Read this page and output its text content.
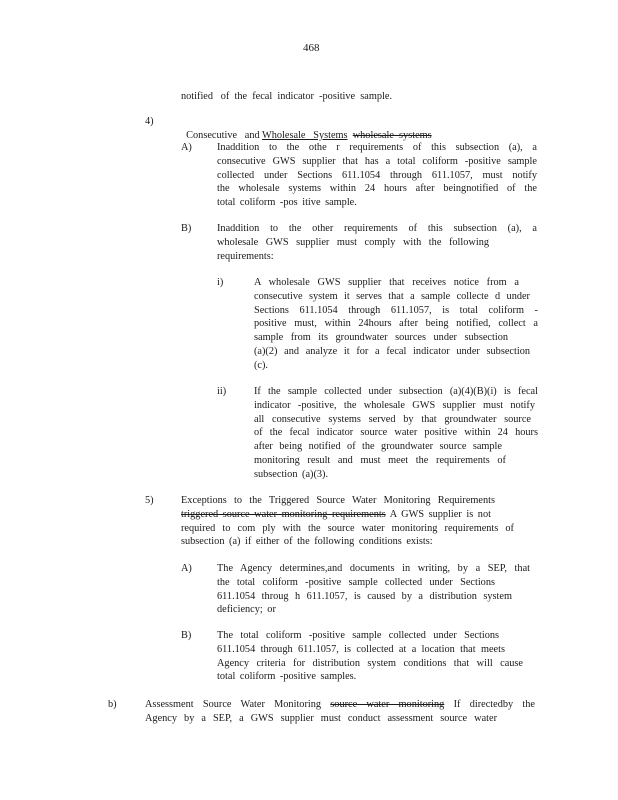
468
notified   of  the  fecal  indicator  -positive  sample.
4)

Consecutive   and Wholesale   Systems wholesale  systems

A) Inaddition to the othe r requirements of this subsection (a), a
consecutive GWS supplier that has a total coliform -positive sample
collected under Sections 611.1054 through 611.1057, must notify
the wholesale systems within 24 hours after beingnotified of the
total coliform -pos itive sample.
B) Inaddition to the other requirements of this subsection (a), a
wholesale GWS supplier must comply with the following
requirements:
i)	A wholesale GWS supplier that receives notice from a
consecutive system it serves that a sample collecte d under
Sections 611.1054 through 611.1057, is total coliform -
positive must, within 24hours after being notified, collect a
sample from its groundwater sources under subsection
(a)(2) and analyze it for a fecal indicator under subsection
(c).
ii)	If the sample collected under subsection (a)(4)(B)(i) is fecal
indicator -positive, the wholesale GWS supplier must notify
all consecutive systems served by that groundwater source
of the fecal indicator source water positive within 24 hours
after being notified of the groundwater source sample
monitoring result and must meet the requirements of
subsection (a)(3).
5)	Exceptions to the Triggered Source Water Monitoring Requirements
triggered source water monitoring requirements A GWS supplier is not
required to com ply with the source water monitoring requirements of
subsection (a) if either of the following conditions exists:
A) The Agency determines,and documents in writing, by a SEP, that
the total coliform -positive sample collected under Sections
611.1054 throug h 611.1057, is caused by a distribution system
deficiency; or
B) The total coliform -positive sample collected under Sections
611.1054 through 611.1057, is collected at a location that meets
Agency criteria for distribution system conditions that will cause
total coliform -positive samples.
b)	Assessment Source Water Monitoring source water monitoring If directedby the
Agency by a SEP, a GWS supplier must conduct assessment source water
